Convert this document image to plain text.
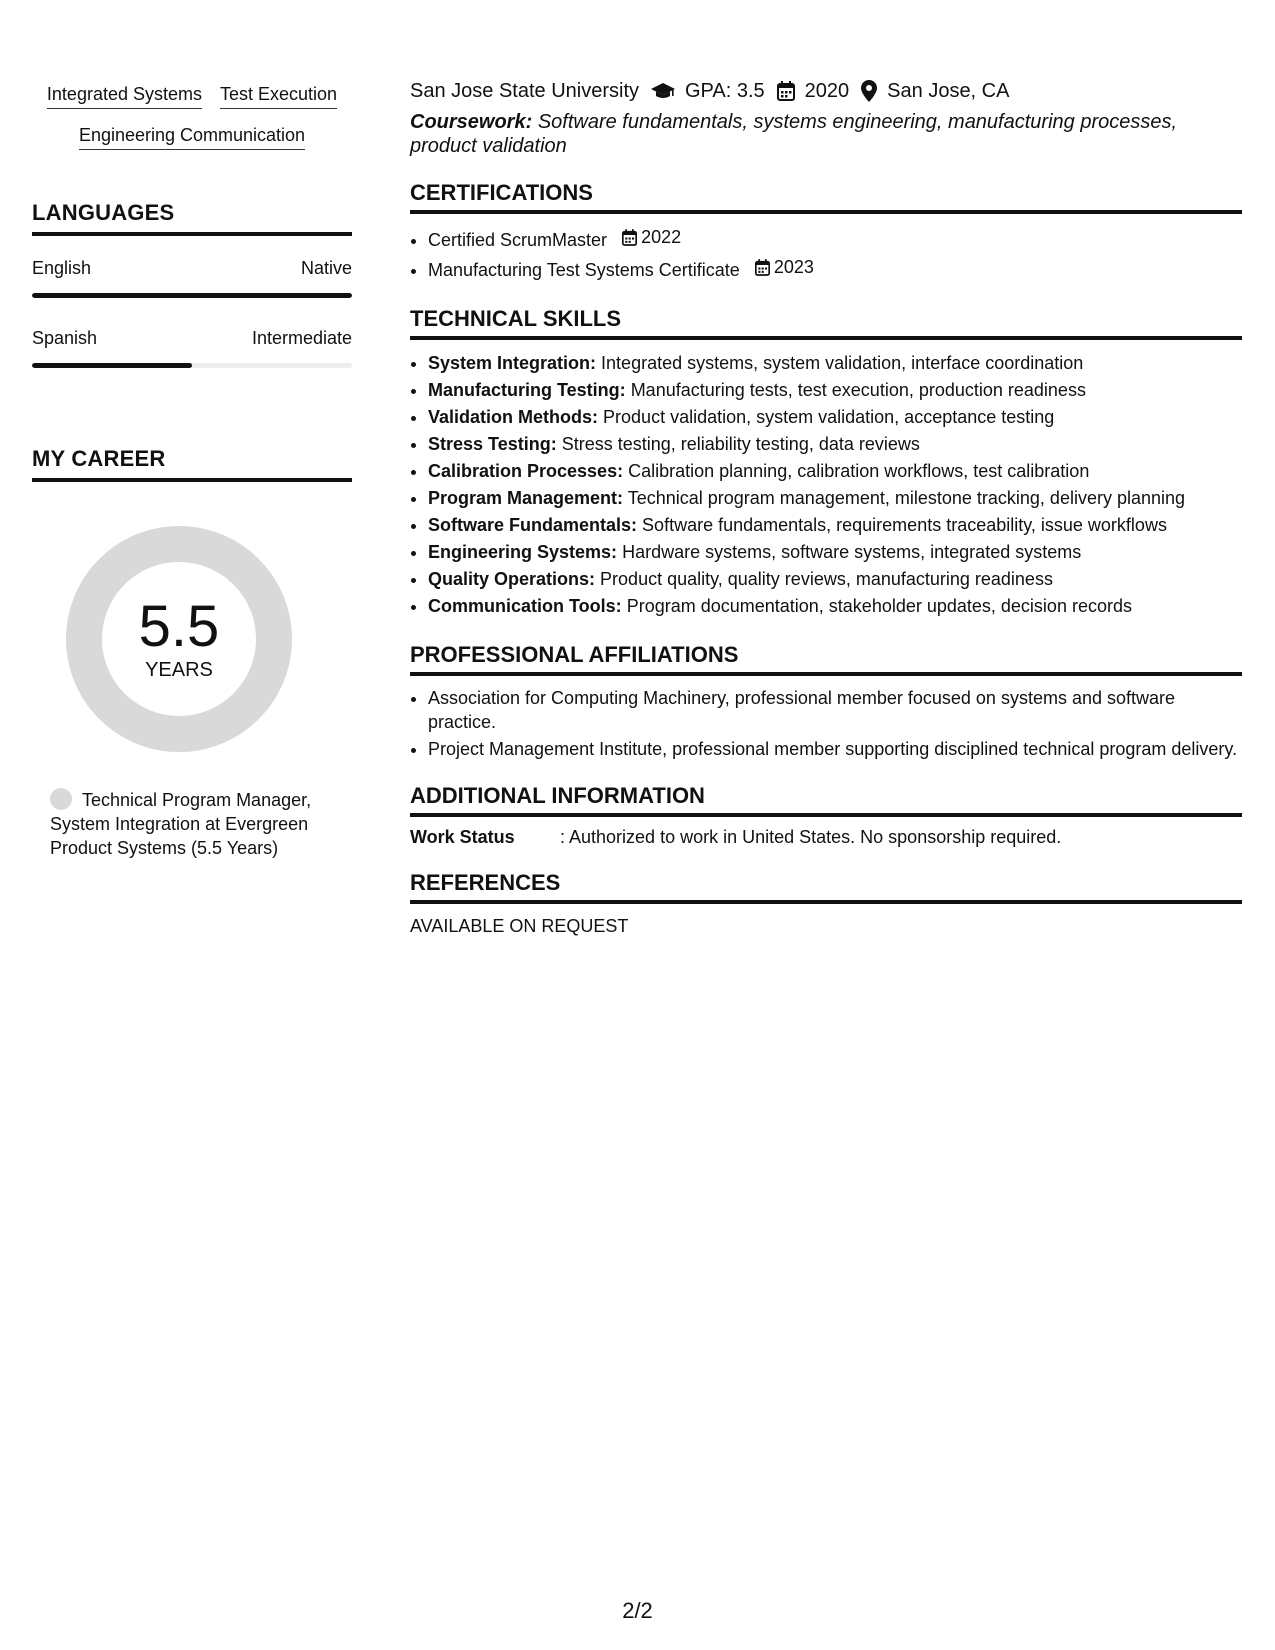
Integrated Systems Test Execution
Engineering Communication
LANGUAGES
English	Native
Spanish	Intermediate
MY CAREER
5.5
YEARS
Technical Program Manager, System Integration at Evergreen Product Systems (5.5 Years)
San Jose State University GPA: 3.5 2020 San Jose, CA
Coursework: Software fundamentals, systems engineering, manufacturing processes, product validation
CERTIFICATIONS
• Certified ScrumMaster 2022
• Manufacturing Test Systems Certificate 2023
TECHNICAL SKILLS
• System Integration: Integrated systems, system validation, interface coordination
• Manufacturing Testing: Manufacturing tests, test execution, production readiness
• Validation Methods: Product validation, system validation, acceptance testing
• Stress Testing: Stress testing, reliability testing, data reviews
• Calibration Processes: Calibration planning, calibration workflows, test calibration
• Program Management: Technical program management, milestone tracking, delivery planning
• Software Fundamentals: Software fundamentals, requirements traceability, issue workflows
• Engineering Systems: Hardware systems, software systems, integrated systems
• Quality Operations: Product quality, quality reviews, manufacturing readiness
• Communication Tools: Program documentation, stakeholder updates, decision records
PROFESSIONAL AFFILIATIONS
• Association for Computing Machinery, professional member focused on systems and software practice.
• Project Management Institute, professional member supporting disciplined technical program delivery.
ADDITIONAL INFORMATION
Work Status	: Authorized to work in United States. No sponsorship required.
REFERENCES
AVAILABLE ON REQUEST
2/2
